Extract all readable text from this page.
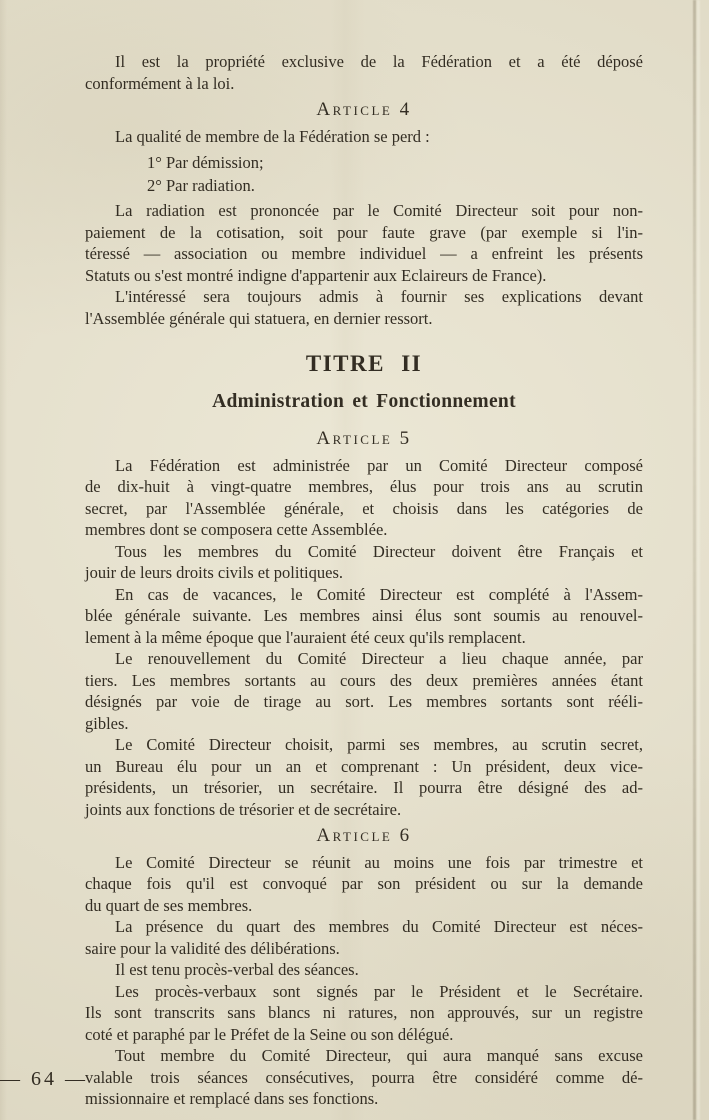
Il est la propriété exclusive de la Fédération et a été déposé
conformément à la loi.
Article 4
La qualité de membre de la Fédération se perd :
1° Par démission;
2° Par radiation.
La radiation est prononcée par le Comité Directeur soit pour non-
paiement de la cotisation, soit pour faute grave (par exemple si l'in-
téressé — association ou membre individuel — a enfreint les présents
Statuts ou s'est montré indigne d'appartenir aux Eclaireurs de France).
L'intéressé sera toujours admis à fournir ses explications devant
l'Assemblée générale qui statuera, en dernier ressort.
TITRE II
Administration et Fonctionnement
Article 5
La Fédération est administrée par un Comité Directeur composé
de dix-huit à vingt-quatre membres, élus pour trois ans au scrutin
secret, par l'Assemblée générale, et choisis dans les catégories de
membres dont se composera cette Assemblée.
Tous les membres du Comité Directeur doivent être Français et
jouir de leurs droits civils et politiques.
En cas de vacances, le Comité Directeur est complété à l'Assem-
blée générale suivante. Les membres ainsi élus sont soumis au renouvel-
lement à la même époque que l'auraient été ceux qu'ils remplacent.
Le renouvellement du Comité Directeur a lieu chaque année, par
tiers. Les membres sortants au cours des deux premières années étant
désignés par voie de tirage au sort. Les membres sortants sont rééli-
gibles.
Le Comité Directeur choisit, parmi ses membres, au scrutin secret,
un Bureau élu pour un an et comprenant : Un président, deux vice-
présidents, un trésorier, un secrétaire. Il pourra être désigné des ad-
joints aux fonctions de trésorier et de secrétaire.
Article 6
Le Comité Directeur se réunit au moins une fois par trimestre et
chaque fois qu'il est convoqué par son président ou sur la demande
du quart de ses membres.
La présence du quart des membres du Comité Directeur est néces-
saire pour la validité des délibérations.
Il est tenu procès-verbal des séances.
Les procès-verbaux sont signés par le Président et le Secrétaire.
Ils sont transcrits sans blancs ni ratures, non approuvés, sur un registre
coté et paraphé par le Préfet de la Seine ou son délégué.
Tout membre du Comité Directeur, qui aura manqué sans excuse
valable trois séances consécutives, pourra être considéré comme dé-
missionnaire et remplacé dans ses fonctions.
— 64 —
